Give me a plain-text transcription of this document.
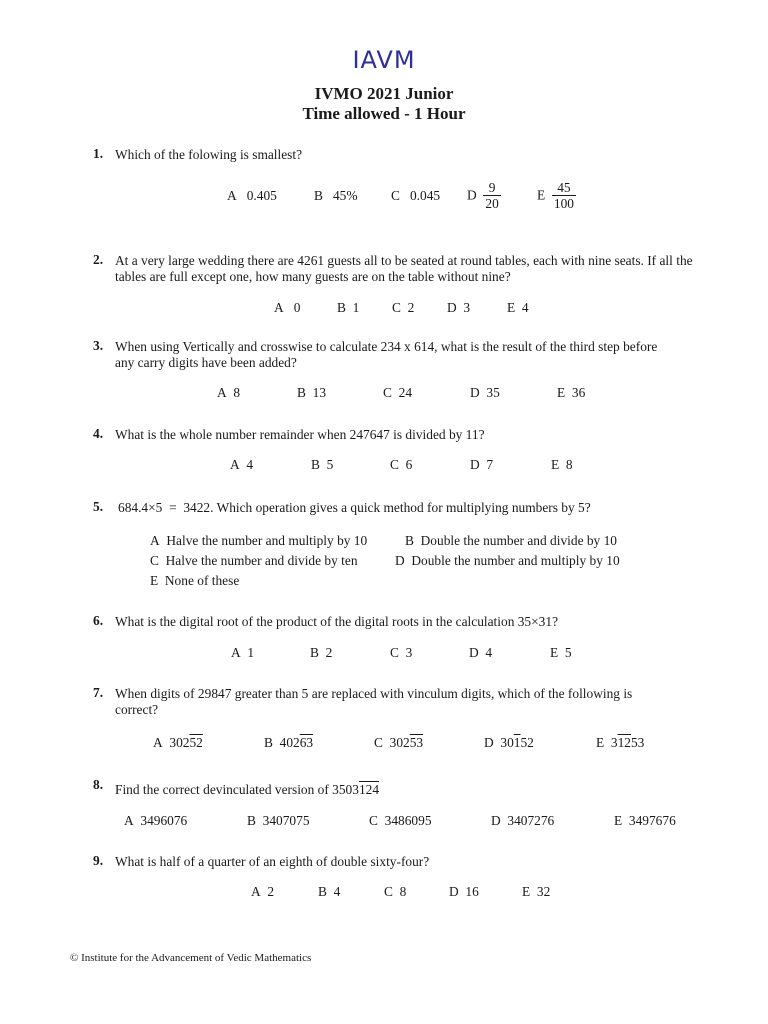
IAVM
IVMO 2021 Junior
Time allowed - 1 Hour
1. Which of the folowing is smallest?
A 0.405	B 45% C 0.045 D $\frac{9}{20}$	E $\frac{45}{100}$
2. At a very large wedding there are 4261 guests all to be seated at round tables, each with nine seats. If all the tables are full except one, how many guests are on the table without nine?
A 0	B 1 C 2 D 3	E 4
3. When using Vertically and crosswise to calculate 234 x 614, what is the result of the third step before any carry digits have been added?
A 8	B 13	C 24	D 35	E 36
4. What is the whole number remainder when 247647 is divided by 11?
A 4	B 5	C 6	D 7	E 8
5. 684.4×5  =  3422. Which operation gives a quick method for multiplying numbers by 5?
A Halve the number and multiply by 10	B Double the number and divide by 10
C Halve the number and divide by ten	D Double the number and multiply by 10
E None of these
6. What is the digital root of the product of the digital roots in the calculation 35×31?
A 1	B 2	C 3	D 4	E 5
7. When digits of 29847 greater than 5 are replaced with vinculum digits, which of the following is correct?
A 30252	B 40263	C 30253	D 30152	E 31253
8. Find the correct devinculated version of 3503124
A 3496076	B 3407075	C 3486095	D 3407276	E 3497676
9. What is half of a quarter of an eighth of double sixty-four?
A 2	B 4	C 8	D 16	E 32
© Institute for the Advancement of Vedic Mathematics
